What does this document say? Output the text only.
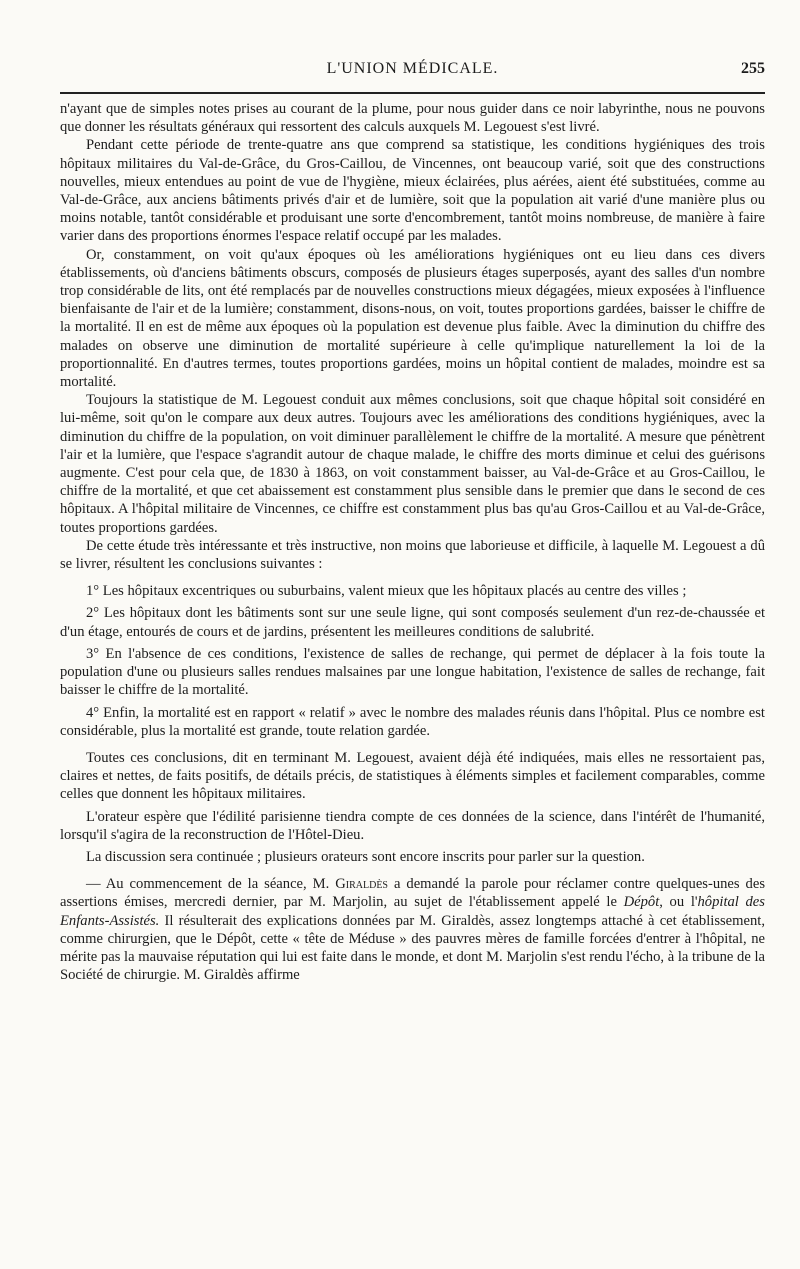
L'UNION MÉDICALE.	255

n'ayant que de simples notes prises au courant de la plume, pour nous guider dans ce noir labyrinthe, nous ne pouvons que donner les résultats généraux qui ressortent des calculs auxquels M. Legouest s'est livré.

Pendant cette période de trente-quatre ans que comprend sa statistique, les conditions hygiéniques des trois hôpitaux militaires du Val-de-Grâce, du Gros-Caillou, de Vincennes, ont beaucoup varié, soit que des constructions nouvelles, mieux entendues au point de vue de l'hygiène, mieux éclairées, plus aérées, aient été substituées, comme au Val-de-Grâce, aux anciens bâtiments privés d'air et de lumière, soit que la population ait varié d'une manière plus ou moins notable, tantôt considérable et produisant une sorte d'encombrement, tantôt moins nombreuse, de manière à faire varier dans des proportions énormes l'espace relatif occupé par les malades.

Or, constamment, on voit qu'aux époques où les améliorations hygiéniques ont eu lieu dans ces divers établissements, où d'anciens bâtiments obscurs, composés de plusieurs étages superposés, ayant des salles d'un nombre trop considérable de lits, ont été remplacés par de nouvelles constructions mieux dégagées, mieux exposées à l'influence bienfaisante de l'air et de la lumière; constamment, disons-nous, on voit, toutes proportions gardées, baisser le chiffre de la mortalité. Il en est de même aux époques où la population est devenue plus faible. Avec la diminution du chiffre des malades on observe une diminution de mortalité supérieure à celle qu'implique naturellement la loi de la proportionnalité. En d'autres termes, toutes proportions gardées, moins un hôpital contient de malades, moindre est sa mortalité.

Toujours la statistique de M. Legouest conduit aux mêmes conclusions, soit que chaque hôpital soit considéré en lui-même, soit qu'on le compare aux deux autres. Toujours avec les améliorations des conditions hygiéniques, avec la diminution du chiffre de la population, on voit diminuer parallèlement le chiffre de la mortalité. A mesure que pénètrent l'air et la lumière, que l'espace s'agrandit autour de chaque malade, le chiffre des morts diminue et celui des guérisons augmente. C'est pour cela que, de 1830 à 1863, on voit constamment baisser, au Val-de-Grâce et au Gros-Caillou, le chiffre de la mortalité, et que cet abaissement est constamment plus sensible dans le premier que dans le second de ces hôpitaux. A l'hôpital militaire de Vincennes, ce chiffre est constamment plus bas qu'au Gros-Caillou et au Val-de-Grâce, toutes proportions gardées.

De cette étude très intéressante et très instructive, non moins que laborieuse et difficile, à laquelle M. Legouest a dû se livrer, résultent les conclusions suivantes :

1° Les hôpitaux excentriques ou suburbains, valent mieux que les hôpitaux placés au centre des villes ;

2° Les hôpitaux dont les bâtiments sont sur une seule ligne, qui sont composés seulement d'un rez-de-chaussée et d'un étage, entourés de cours et de jardins, présentent les meilleures conditions de salubrité.

3° En l'absence de ces conditions, l'existence de salles de rechange, qui permet de déplacer à la fois toute la population d'une ou plusieurs salles rendues malsaines par une longue habitation, l'existence de salles de rechange, fait baisser le chiffre de la mortalité.

4° Enfin, la mortalité est en rapport « relatif » avec le nombre des malades réunis dans l'hôpital. Plus ce nombre est considérable, plus la mortalité est grande, toute relation gardée.

Toutes ces conclusions, dit en terminant M. Legouest, avaient déjà été indiquées, mais elles ne ressortaient pas, claires et nettes, de faits positifs, de détails précis, de statistiques à éléments simples et facilement comparables, comme celles que donnent les hôpitaux militaires.

L'orateur espère que l'édilité parisienne tiendra compte de ces données de la science, dans l'intérêt de l'humanité, lorsqu'il s'agira de la reconstruction de l'Hôtel-Dieu.

La discussion sera continuée ; plusieurs orateurs sont encore inscrits pour parler sur la question.

— Au commencement de la séance, M. Giraldès a demandé la parole pour réclamer contre quelques-unes des assertions émises, mercredi dernier, par M. Marjolin, au sujet de l'établissement appelé le Dépôt, ou l'hôpital des Enfants-Assistés. Il résulterait des explications données par M. Giraldès, assez longtemps attaché à cet établissement, comme chirurgien, que le Dépôt, cette « tête de Méduse » des pauvres mères de famille forcées d'entrer à l'hôpital, ne mérite pas la mauvaise réputation qui lui est faite dans le monde, et dont M. Marjolin s'est rendu l'écho, à la tribune de la Société de chirurgie. M. Giraldès affirme
